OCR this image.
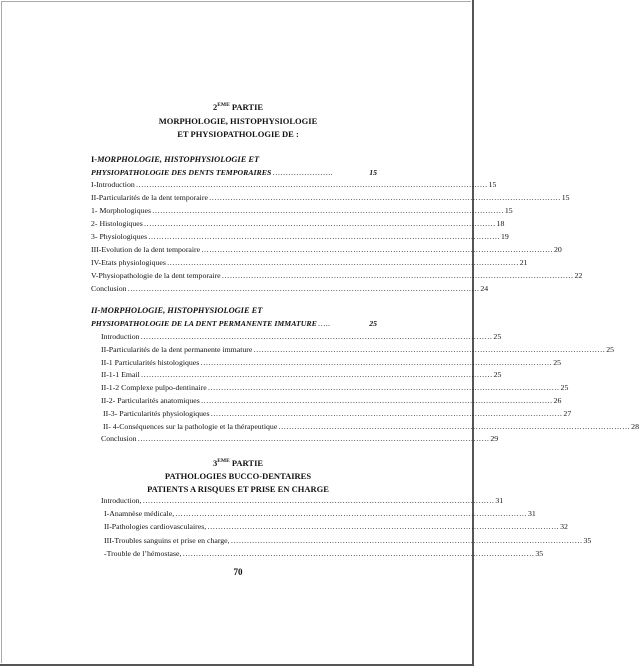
2EME PARTIE
MORPHOLOGIE, HISTOPHYSIOLOGIE
ET PHYSIOPATHOLOGIE DE :
I-MORPHOLOGIE, HISTOPHYSIOLOGIE ET
PHYSIOPATHOLOGIE DES DENTS TEMPORAIRES …………………..	15
I-Introduction …………………………………………………………………………………………………………………… 15
II-Particularités de la dent temporaire …………………………………………………………………………………………………………………… 15
1- Morphologiques …………………………………………………………………………………………………………………… 15
2- Histologiques …………………………………………………………………………………………………………………… 18
3- Physiologiques …………………………………………………………………………………………………………………… 19
III-Evolution de la dent temporaire …………………………………………………………………………………………………………………… 20
IV-Etats physiologiques …………………………………………………………………………………………………………………… 21
V-Physiopathologie de la dent temporaire …………………………………………………………………………………………………………………… 22
Conclusion …………………………………………………………………………………………………………………… 24
II-MORPHOLOGIE, HISTOPHYSIOLOGIE ET
PHYSIOPATHOLOGIE DE LA DENT PERMANENTE IMMATURE …..	25
Introduction …………………………………………………………………………………………………………………… 25
II-Particularités de la dent permanente immature …………………………………………………………………………………………………………………… 25
II-1 Particularités histologiques …………………………………………………………………………………………………………………… 25
II-1-1 Email …………………………………………………………………………………………………………………… 25
II-1-2 Complexe pulpo-dentinaire …………………………………………………………………………………………………………………… 25
II-2- Particularités anatomiques …………………………………………………………………………………………………………………… 26
II-3- Particularités physiologiques …………………………………………………………………………………………………………………… 27
II- 4-Conséquences sur la pathologie et la thérapeutique …………………………………………………………………………………………………………………… 28
Conclusion …………………………………………………………………………………………………………………… 29
3EME PARTIE
PATHOLOGIES BUCCO-DENTAIRES
PATIENTS A RISQUES ET PRISE EN CHARGE
Introduction, …………………………………………………………………………………………………………………… 31
I-Anamnèse médicale, …………………………………………………………………………………………………………………… 31
II-Pathologies cardiovasculaires, …………………………………………………………………………………………………………………… 32
III-Troubles sanguins et prise en charge, …………………………………………………………………………………………………………………… 35
-Trouble de l’hémostase, …………………………………………………………………………………………………………………… 35
70
